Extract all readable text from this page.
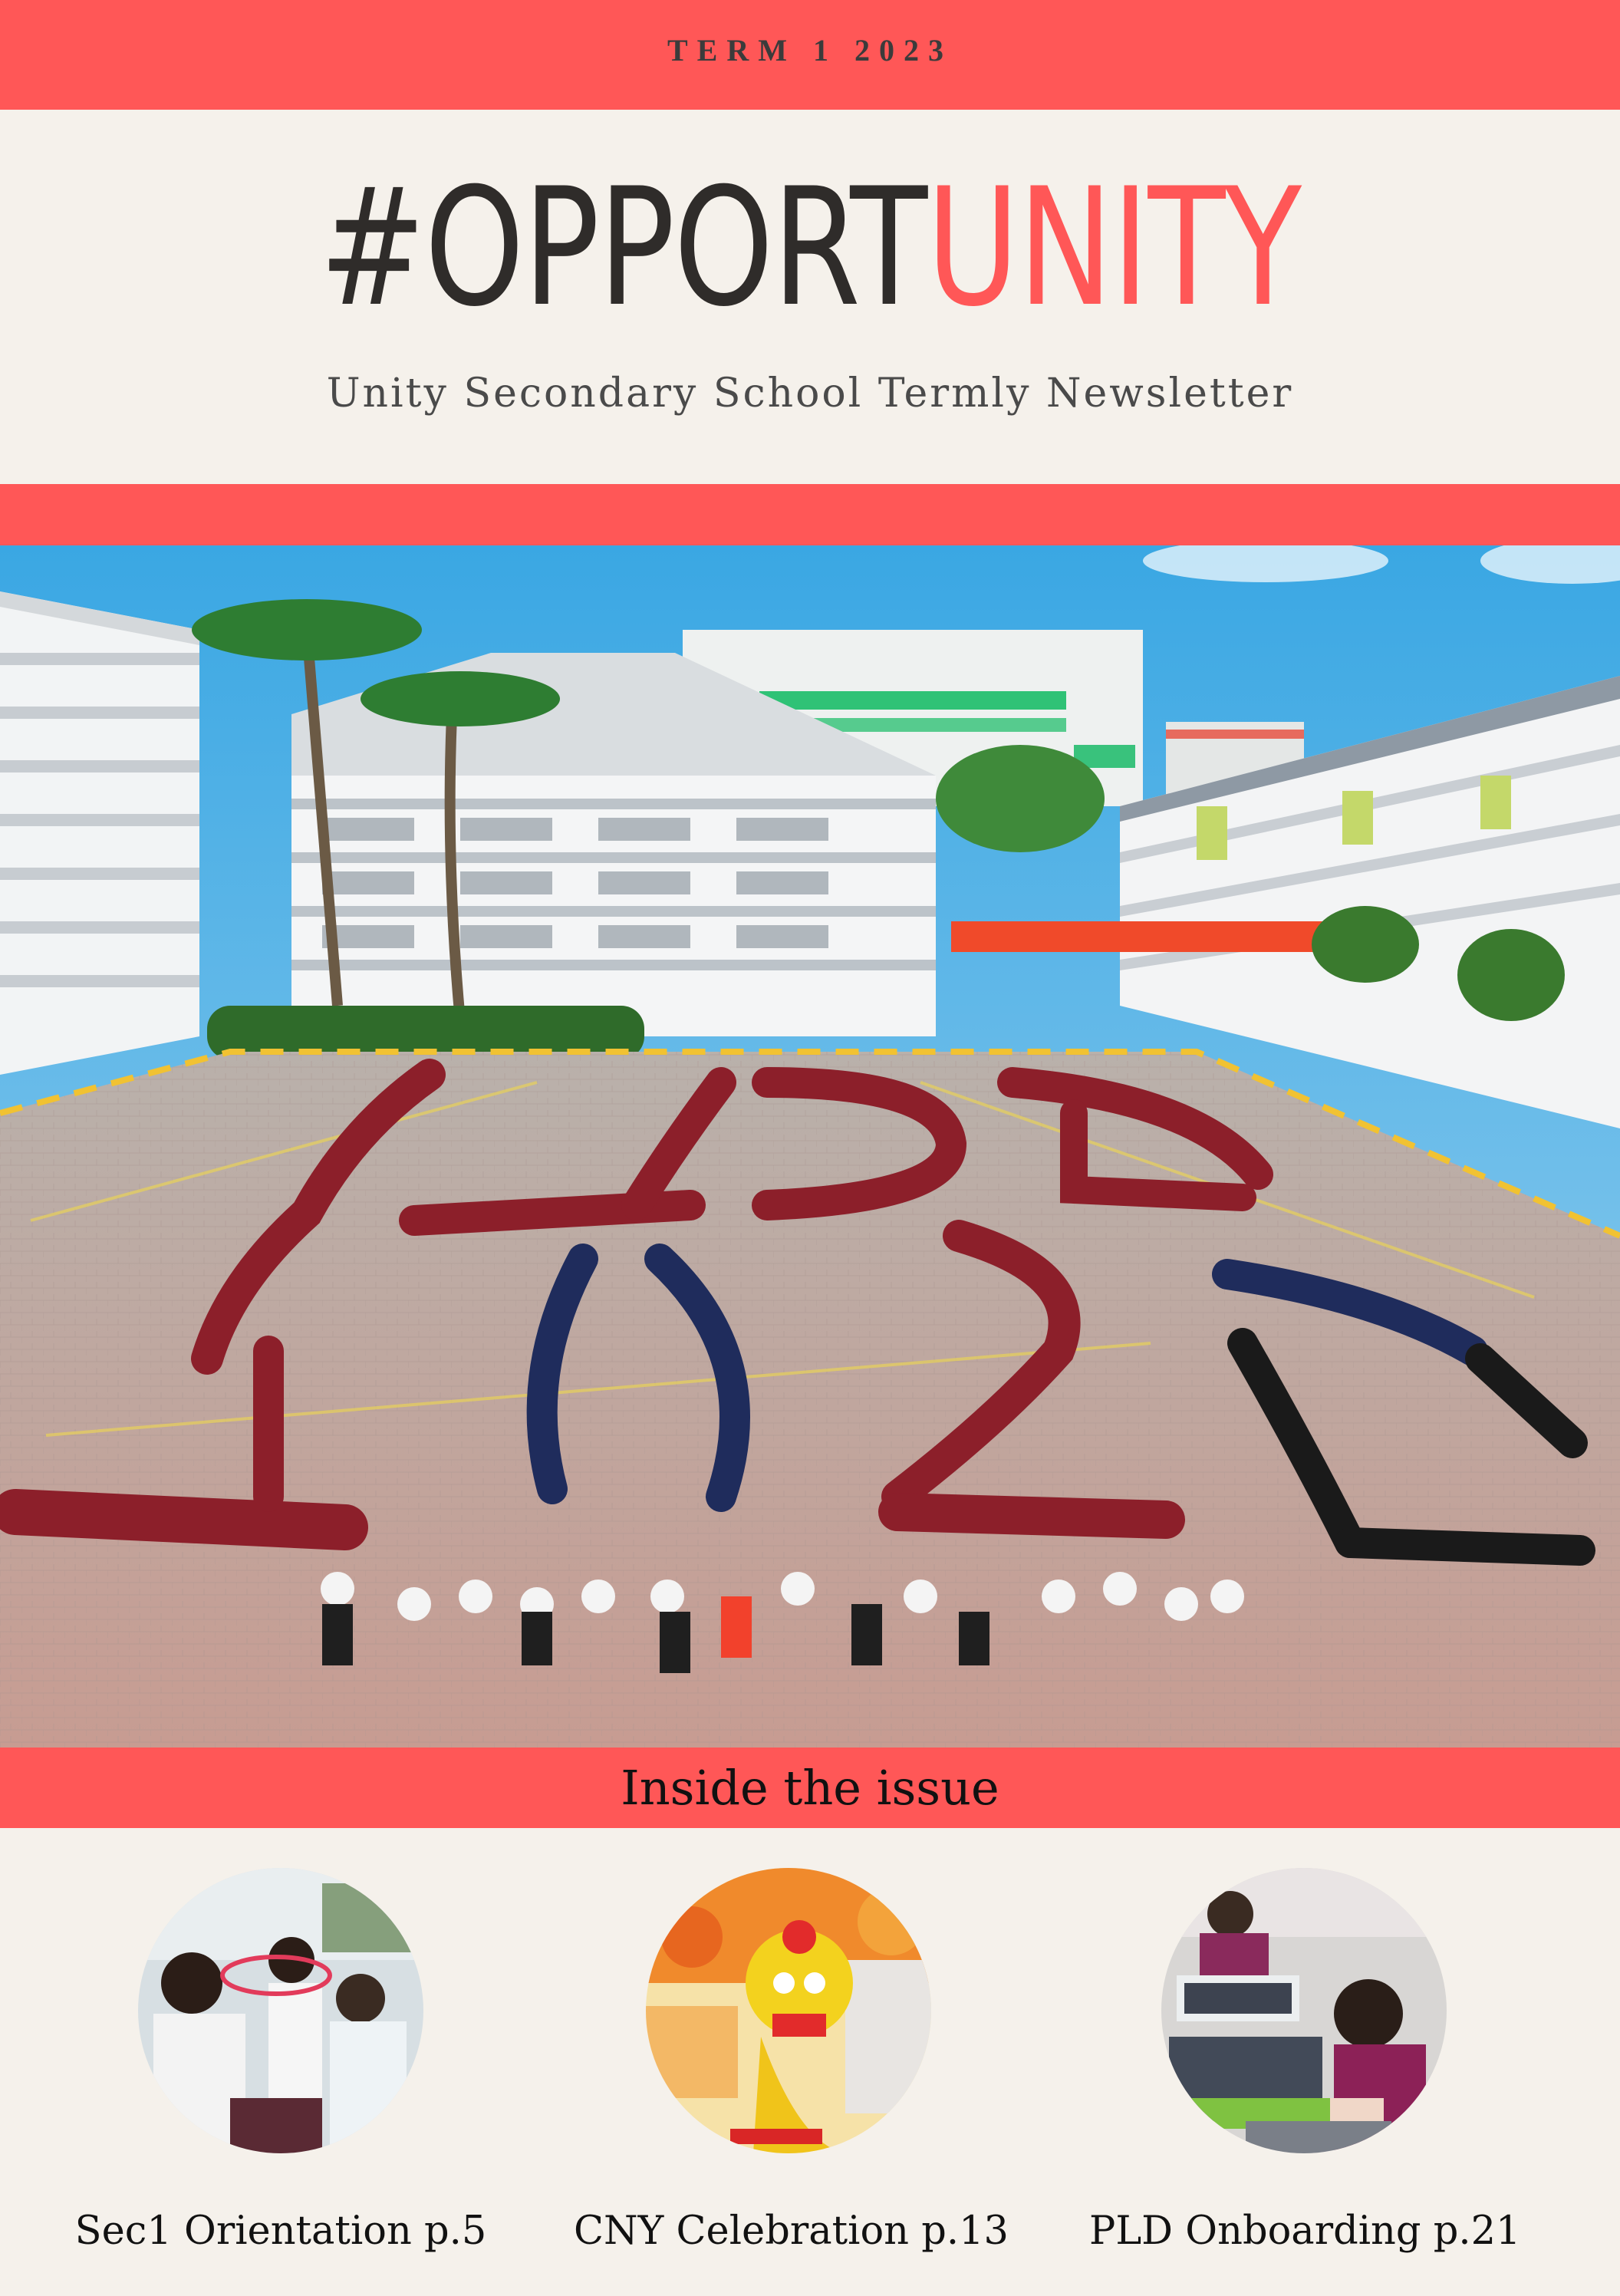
TERM 1 2023
#OPPORTUNITY
Unity Secondary School Termly Newsletter
Inside the issue
Sec1 Orientation p.5 CNY Celebration p.13 PLD Onboarding p.21
